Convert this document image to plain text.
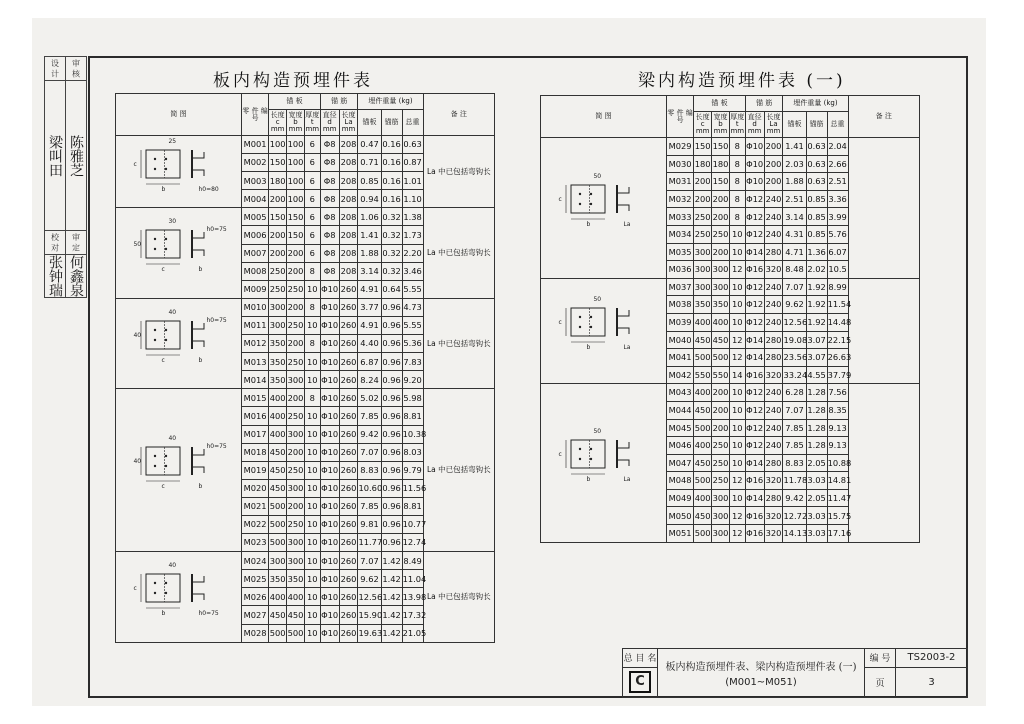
设 计	审 核
梁叫田	陈雅芝
校 对	审 定
张钟瑞	何鑫泉
板内构造预埋件表	梁内构造预埋件表 (一)
简 图	零 件 编 号	锚 板			锚 筋		埋件重量 (kg)			备 注
		长度 c mm	宽度 b mm	厚度 t mm	直径 d mm	长度 La mm	锚板	锚筋	总重	

25
c
b h0=80	M001	100	100	6	Φ8	208	0.47	0.16	0.63	La 中已包括弯钩长
	M002	150	100	6	Φ8	208	0.71	0.16	0.87	
	M003	180	100	6	Φ8	208	0.85	0.16	1.01	
	M004	200	100	6	Φ8	208	0.94	0.16	1.10	

30
50
c b
h0=75	M005	150	150	6	Φ8	208	1.06	0.32	1.38	La 中已包括弯钩长
	M006	200	150	6	Φ8	208	1.41	0.32	1.73	
	M007	200	200	6	Φ8	208	1.88	0.32	2.20	
	M008	250	200	8	Φ8	208	3.14	0.32	3.46	
	M009	250	250	10	Φ10	260	4.91	0.64	5.55	

40
40
c b
h0=75	M010	300	200	8	Φ10	260	3.77	0.96	4.73	La 中已包括弯钩长
	M011	300	250	10	Φ10	260	4.91	0.96	5.55	
	M012	350	200	8	Φ10	260	4.40	0.96	5.36	
	M013	350	250	10	Φ10	260	6.87	0.96	7.83	
	M014	350	300	10	Φ10	260	8.24	0.96	9.20	

40
40
c b
h0=75	M015	400	200	8	Φ10	260	5.02	0.96	5.98	La 中已包括弯钩长
	M016	400	250	10	Φ10	260	7.85	0.96	8.81	
	M017	400	300	10	Φ10	260	9.42	0.96	10.38	
	M018	450	200	10	Φ10	260	7.07	0.96	8.03	
	M019	450	250	10	Φ10	260	8.83	0.96	9.79	
	M020	450	300	10	Φ10	260	10.60	0.96	11.56	
	M021	500	200	10	Φ10	260	7.85	0.96	8.81	
	M022	500	250	10	Φ10	260	9.81	0.96	10.77	
	M023	500	300	10	Φ10	260	11.77	0.96	12.74	

40
c
b h0=75	M024	300	300	10	Φ10	260	7.07	1.42	8.49	La 中已包括弯钩长
	M025	350	350	10	Φ10	260	9.62	1.42	11.04	
	M026	400	400	10	Φ10	260	12.56	1.42	13.98	
	M027	450	450	10	Φ10	260	15.90	1.42	17.32	
	M028	500	500	10	Φ10	260	19.63	1.42	21.05	
简 图	零 件 编 号	锚 板			锚 筋		埋件重量 (kg)			备 注
		长度 c mm	宽度 b mm	厚度 t mm	直径 d mm	长度 La mm	锚板	锚筋	总重	

50
c
b La	M029	150	150	8	Φ10	200	1.41	0.63	2.04	
	M030	180	180	8	Φ10	200	2.03	0.63	2.66	
	M031	200	150	8	Φ10	200	1.88	0.63	2.51	
	M032	200	200	8	Φ12	240	2.51	0.85	3.36	
	M033	250	200	8	Φ12	240	3.14	0.85	3.99	
	M034	250	250	10	Φ12	240	4.31	0.85	5.76	
	M035	300	200	10	Φ14	280	4.71	1.36	6.07	
	M036	300	300	12	Φ16	320	8.48	2.02	10.5	

50
c
b La	M037	300	300	10	Φ12	240	7.07	1.92	8.99	
	M038	350	350	10	Φ12	240	9.62	1.92	11.54	
	M039	400	400	10	Φ12	240	12.56	1.92	14.48	
	M040	450	450	12	Φ14	280	19.08	3.07	22.15	
	M041	500	500	12	Φ14	280	23.56	3.07	26.63	
	M042	550	550	14	Φ16	320	33.24	4.55	37.79	

50
c
b La	M043	400	200	10	Φ12	240	6.28	1.28	7.56	
	M044	450	200	10	Φ12	240	7.07	1.28	8.35	
	M045	500	200	10	Φ12	240	7.85	1.28	9.13	
	M046	400	250	10	Φ12	240	7.85	1.28	9.13	
	M047	450	250	10	Φ14	280	8.83	2.05	10.88	
	M048	500	250	12	Φ16	320	11.78	3.03	14.81	
	M049	400	300	10	Φ14	280	9.42	2.05	11.47	
	M050	450	300	12	Φ16	320	12.72	3.03	15.75	
	M051	500	300	12	Φ16	320	14.13	3.03	17.16	
总 目 名	板内构造预埋件表、梁内构造预埋件表 (一)
(M001~M051)	编 号	TS2003-2
C		页	3
